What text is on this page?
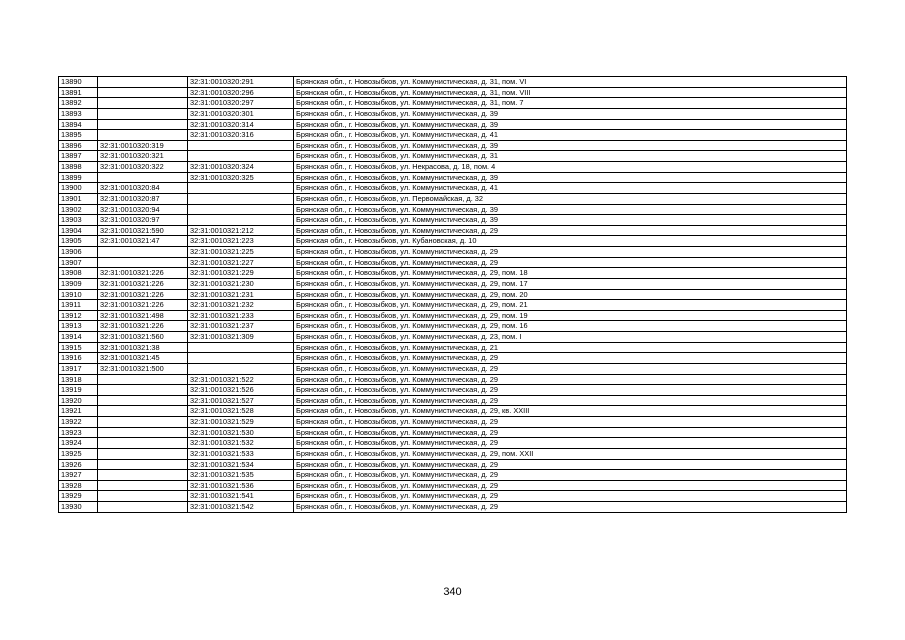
13890		32:31:0010320:291	Брянская обл., г. Новозыбков, ул. Коммунистическая, д. 31, пом. VI
13891		32:31:0010320:296	Брянская обл., г. Новозыбков, ул. Коммунистическая, д. 31, пом. VIII
13892		32:31:0010320:297	Брянская обл., г. Новозыбков, ул. Коммунистическая, д. 31, пом. 7
13893		32:31:0010320:301	Брянская обл., г. Новозыбков, ул. Коммунистическая, д. 39
13894		32:31:0010320:314	Брянская обл., г. Новозыбков, ул. Коммунистическая, д. 39
13895		32:31:0010320:316	Брянская обл., г. Новозыбков, ул. Коммунистическая, д. 41
13896	32:31:0010320:319		Брянская обл., г. Новозыбков, ул. Коммунистическая, д. 39
13897	32:31:0010320:321		Брянская обл., г. Новозыбков, ул. Коммунистическая, д. 31
13898	32:31:0010320:322	32:31:0010320:324	Брянская обл., г. Новозыбков, ул. Некрасова, д. 18, пом. 4
13899		32:31:0010320:325	Брянская обл., г. Новозыбков, ул. Коммунистическая, д. 39
13900	32:31:0010320:84		Брянская обл., г. Новозыбков, ул. Коммунистическая, д. 41
13901	32:31:0010320:87		Брянская обл., г. Новозыбков, ул. Первомайская, д. 32
13902	32:31:0010320:94		Брянская обл., г. Новозыбков, ул. Коммунистическая, д. 39
13903	32:31:0010320:97		Брянская обл., г. Новозыбков, ул. Коммунистическая, д. 39
13904	32:31:0010321:590	32:31:0010321:212	Брянская обл., г. Новозыбков, ул. Коммунистическая, д. 29
13905	32:31:0010321:47	32:31:0010321:223	Брянская обл., г. Новозыбков, ул. Кубановская, д. 10
13906		32:31:0010321:225	Брянская обл., г. Новозыбков, ул. Коммунистическая, д. 29
13907		32:31:0010321:227	Брянская обл., г. Новозыбков, ул. Коммунистическая, д. 29
13908	32:31:0010321:226	32:31:0010321:229	Брянская обл., г. Новозыбков, ул. Коммунистическая, д. 29, пом. 18
13909	32:31:0010321:226	32:31:0010321:230	Брянская обл., г. Новозыбков, ул. Коммунистическая, д. 29, пом. 17
13910	32:31:0010321:226	32:31:0010321:231	Брянская обл., г. Новозыбков, ул. Коммунистическая, д. 29, пом. 20
13911	32:31:0010321:226	32:31:0010321:232	Брянская обл., г. Новозыбков, ул. Коммунистическая, д. 29, пом. 21
13912	32:31:0010321:498	32:31:0010321:233	Брянская обл., г. Новозыбков, ул. Коммунистическая, д. 29, пом. 19
13913	32:31:0010321:226	32:31:0010321:237	Брянская обл., г. Новозыбков, ул. Коммунистическая, д. 29, пом. 16
13914	32:31:0010321:560	32:31:0010321:309	Брянская обл., г. Новозыбков, ул. Коммунистическая, д. 23, пом. I
13915	32:31:0010321:38		Брянская обл., г. Новозыбков, ул. Коммунистическая, д. 21
13916	32:31:0010321:45		Брянская обл., г. Новозыбков, ул. Коммунистическая, д. 29
13917	32:31:0010321:500		Брянская обл., г. Новозыбков, ул. Коммунистическая, д. 29
13918		32:31:0010321:522	Брянская обл., г. Новозыбков, ул. Коммунистическая, д. 29
13919		32:31:0010321:526	Брянская обл., г. Новозыбков, ул. Коммунистическая, д. 29
13920		32:31:0010321:527	Брянская обл., г. Новозыбков, ул. Коммунистическая, д. 29
13921		32:31:0010321:528	Брянская обл., г. Новозыбков, ул. Коммунистическая, д. 29, кв. XXIII
13922		32:31:0010321:529	Брянская обл., г. Новозыбков, ул. Коммунистическая, д. 29
13923		32:31:0010321:530	Брянская обл., г. Новозыбков, ул. Коммунистическая, д. 29
13924		32:31:0010321:532	Брянская обл., г. Новозыбков, ул. Коммунистическая, д. 29
13925		32:31:0010321:533	Брянская обл., г. Новозыбков, ул. Коммунистическая, д. 29, пом. XXII
13926		32:31:0010321:534	Брянская обл., г. Новозыбков, ул. Коммунистическая, д. 29
13927		32:31:0010321:535	Брянская обл., г. Новозыбков, ул. Коммунистическая, д. 29
13928		32:31:0010321:536	Брянская обл., г. Новозыбков, ул. Коммунистическая, д. 29
13929		32:31:0010321:541	Брянская обл., г. Новозыбков, ул. Коммунистическая, д. 29
13930		32:31:0010321:542	Брянская обл., г. Новозыбков, ул. Коммунистическая, д. 29
340
